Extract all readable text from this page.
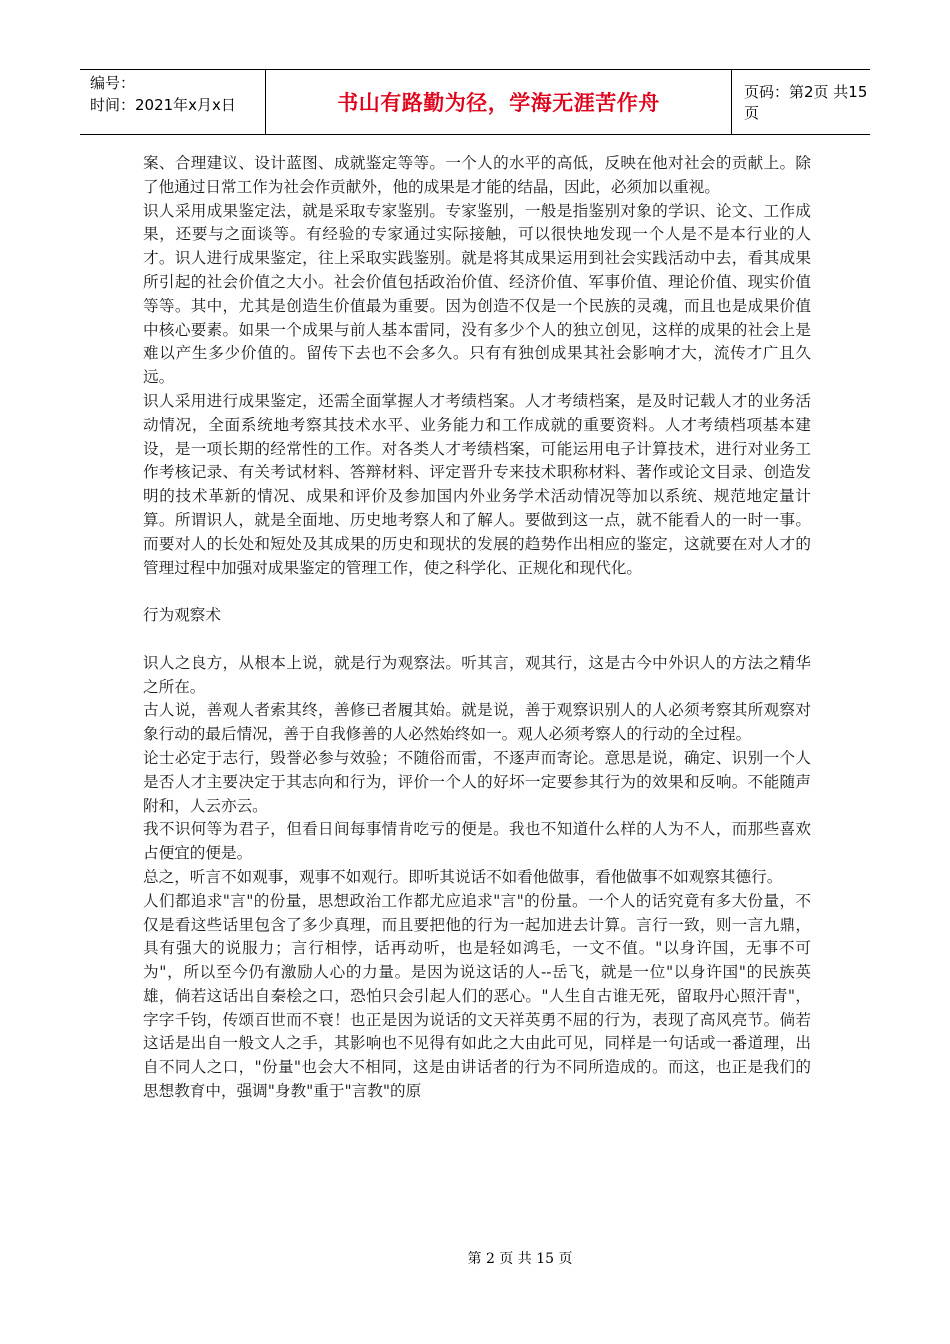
编号：
时间：2021年x月x日	书山有路勤为径，学海无涯苦作舟	页码：第2页 共15页

案、合理建议、设计蓝图、成就鉴定等等。一个人的水平的高低，反映在他对社会的贡献上。除了他通过日常工作为社会作贡献外，他的成果是才能的结晶，因此，必须加以重视。

识人采用成果鉴定法，就是采取专家鉴别。专家鉴别，一般是指鉴别对象的学识、论文、工作成果，还要与之面谈等。有经验的专家通过实际接触，可以很快地发现一个人是不是本行业的人才。识人进行成果鉴定，往上采取实践鉴别。就是将其成果运用到社会实践活动中去，看其成果所引起的社会价值之大小。社会价值包括政治价值、经济价值、军事价值、理论价值、现实价值等等。其中，尤其是创造生价值最为重要。因为创造不仅是一个民族的灵魂，而且也是成果价值中核心要素。如果一个成果与前人基本雷同，没有多少个人的独立创见，这样的成果的社会上是难以产生多少价值的。留传下去也不会多久。只有有独创成果其社会影响才大，流传才广且久远。

识人采用进行成果鉴定，还需全面掌握人才考绩档案。人才考绩档案，是及时记载人才的业务活动情况，全面系统地考察其技术水平、业务能力和工作成就的重要资料。人才考绩档项基本建设，是一项长期的经常性的工作。对各类人才考绩档案，可能运用电子计算技术，进行对业务工作考核记录、有关考试材料、答辩材料、评定晋升专来技术职称材料、著作或论文目录、创造发明的技术革新的情况、成果和评价及参加国内外业务学术活动情况等加以系统、规范地定量计算。所谓识人，就是全面地、历史地考察人和了解人。要做到这一点，就不能看人的一时一事。而要对人的长处和短处及其成果的历史和现状的发展的趋势作出相应的鉴定，这就要在对人才的管理过程中加强对成果鉴定的管理工作，使之科学化、正规化和现代化。

行为观察术

识人之良方，从根本上说，就是行为观察法。听其言，观其行，这是古今中外识人的方法之精华之所在。

古人说，善观人者索其终，善修已者履其始。就是说，善于观察识别人的人必须考察其所观察对象行动的最后情况，善于自我修善的人必然始终如一。观人必须考察人的行动的全过程。

论士必定于志行，毁誉必参与效验；不随俗而雷，不逐声而寄论。意思是说，确定、识别一个人是否人才主要决定于其志向和行为，评价一个人的好坏一定要参其行为的效果和反响。不能随声附和，人云亦云。

我不识何等为君子，但看日间每事情肯吃亏的便是。我也不知道什么样的人为不人，而那些喜欢占便宜的便是。

总之，听言不如观事，观事不如观行。即听其说话不如看他做事，看他做事不如观察其德行。

人们都追求"言"的份量，思想政治工作都尤应追求"言"的份量。一个人的话究竟有多大份量，不仅是看这些话里包含了多少真理，而且要把他的行为一起加进去计算。言行一致，则一言九鼎，具有强大的说服力；言行相悖，话再动听，也是轻如鸿毛，一文不值。"以身许国，无事不可为"，所以至今仍有激励人心的力量。是因为说这话的人--岳飞，就是一位"以身许国"的民族英雄，倘若这话出自秦桧之口，恐怕只会引起人们的恶心。"人生自古谁无死，留取丹心照汗青"，字字千钧，传颂百世而不衰！也正是因为说话的文天祥英勇不屈的行为，表现了高风亮节。倘若这话是出自一般文人之手，其影响也不见得有如此之大由此可见，同样是一句话或一番道理，出自不同人之口，"份量"也会大不相同，这是由讲话者的行为不同所造成的。而这，也正是我们的思想教育中，强调"身教"重于"言教"的原

第 2 页 共 15 页
